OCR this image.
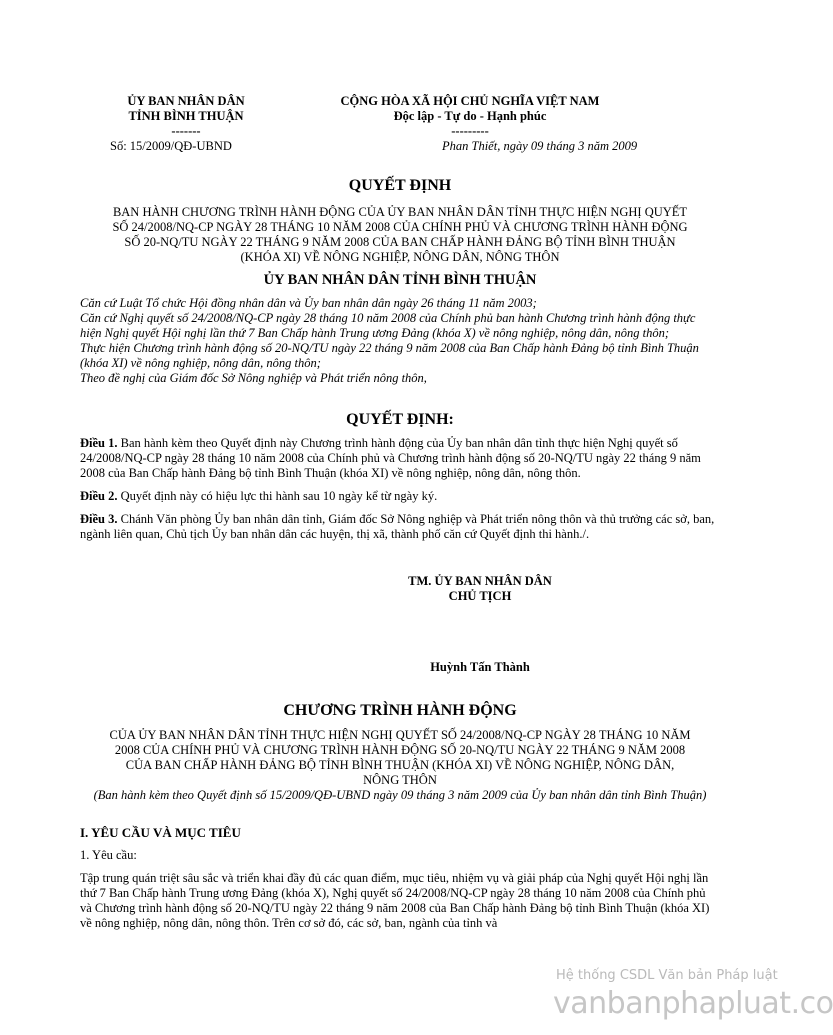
ỦY BAN NHÂN DÂN
TỈNH BÌNH THUẬN
-------
CỘNG HÒA XÃ HỘI CHỦ NGHĨA VIỆT NAM
Độc lập - Tự do - Hạnh phúc
---------
Số: 15/2009/QĐ-UBND	Phan Thiết, ngày 09 tháng 3 năm 2009
QUYẾT ĐỊNH
BAN HÀNH CHƯƠNG TRÌNH HÀNH ĐỘNG CỦA ỦY BAN NHÂN DÂN TỈNH THỰC HIỆN NGHỊ QUYẾT
SỐ 24/2008/NQ-CP NGÀY 28 THÁNG 10 NĂM 2008 CỦA CHÍNH PHỦ VÀ CHƯƠNG TRÌNH HÀNH ĐỘNG
SỐ 20-NQ/TU NGÀY 22 THÁNG 9 NĂM 2008 CỦA BAN CHẤP HÀNH ĐẢNG BỘ TỈNH BÌNH THUẬN
(KHÓA XI) VỀ NÔNG NGHIỆP, NÔNG DÂN, NÔNG THÔN
ỦY BAN NHÂN DÂN TỈNH BÌNH THUẬN

Căn cứ Luật Tổ chức Hội đồng nhân dân và Ủy ban nhân dân ngày 26 tháng 11 năm 2003;

Căn cứ Nghị quyết số 24/2008/NQ-CP ngày 28 tháng 10 năm 2008 của Chính phủ ban hành Chương trình hành động thực hiện Nghị quyết Hội nghị lần thứ 7 Ban Chấp hành Trung ương Đảng (khóa X) về nông nghiệp, nông dân, nông thôn;

Thực hiện Chương trình hành động số 20-NQ/TU ngày 22 tháng 9 năm 2008 của Ban Chấp hành Đảng bộ tỉnh Bình Thuận (khóa XI) về nông nghiệp, nông dân, nông thôn;

Theo đề nghị của Giám đốc Sở Nông nghiệp và Phát triển nông thôn,

QUYẾT ĐỊNH:

Điều 1. Ban hành kèm theo Quyết định này Chương trình hành động của Ủy ban nhân dân tỉnh thực hiện Nghị quyết số 24/2008/NQ-CP ngày 28 tháng 10 năm 2008 của Chính phủ và Chương trình hành động số 20-NQ/TU ngày 22 tháng 9 năm 2008 của Ban Chấp hành Đảng bộ tỉnh Bình Thuận (khóa XI) về nông nghiệp, nông dân, nông thôn.

Điều 2. Quyết định này có hiệu lực thi hành sau 10 ngày kể từ ngày ký.

Điều 3. Chánh Văn phòng Ủy ban nhân dân tỉnh, Giám đốc Sở Nông nghiệp và Phát triển nông thôn và thủ trưởng các sở, ban, ngành liên quan, Chủ tịch Ủy ban nhân dân các huyện, thị xã, thành phố căn cứ Quyết định thi hành./.

TM. ỦY BAN NHÂN DÂN
CHỦ TỊCH
Huỳnh Tấn Thành
CHƯƠNG TRÌNH HÀNH ĐỘNG
CỦA ỦY BAN NHÂN DÂN TỈNH THỰC HIỆN NGHỊ QUYẾT SỐ 24/2008/NQ-CP NGÀY 28 THÁNG 10 NĂM
2008 CỦA CHÍNH PHỦ VÀ CHƯƠNG TRÌNH HÀNH ĐỘNG SỐ 20-NQ/TU NGÀY 22 THÁNG 9 NĂM 2008
CỦA BAN CHẤP HÀNH ĐẢNG BỘ TỈNH BÌNH THUẬN (KHÓA XI) VỀ NÔNG NGHIỆP, NÔNG DÂN,
NÔNG THÔN
(Ban hành kèm theo Quyết định số 15/2009/QĐ-UBND ngày 09 tháng 3 năm 2009 của Ủy ban nhân dân tỉnh Bình Thuận)
I. YÊU CẦU VÀ MỤC TIÊU
1. Yêu cầu:
Tập trung quán triệt sâu sắc và triển khai đầy đủ các quan điểm, mục tiêu, nhiệm vụ và giải pháp của Nghị quyết Hội nghị lần thứ 7 Ban Chấp hành Trung ương Đảng (khóa X), Nghị quyết số 24/2008/NQ-CP ngày 28 tháng 10 năm 2008 của Chính phủ và Chương trình hành động số 20-NQ/TU ngày 22 tháng 9 năm 2008 của Ban Chấp hành Đảng bộ tỉnh Bình Thuận (khóa XI) về nông nghiệp, nông dân, nông thôn. Trên cơ sở đó, các sở, ban, ngành của tỉnh và
Hệ thống CSDL Văn bản Pháp luật
vanbanphapluat.co
